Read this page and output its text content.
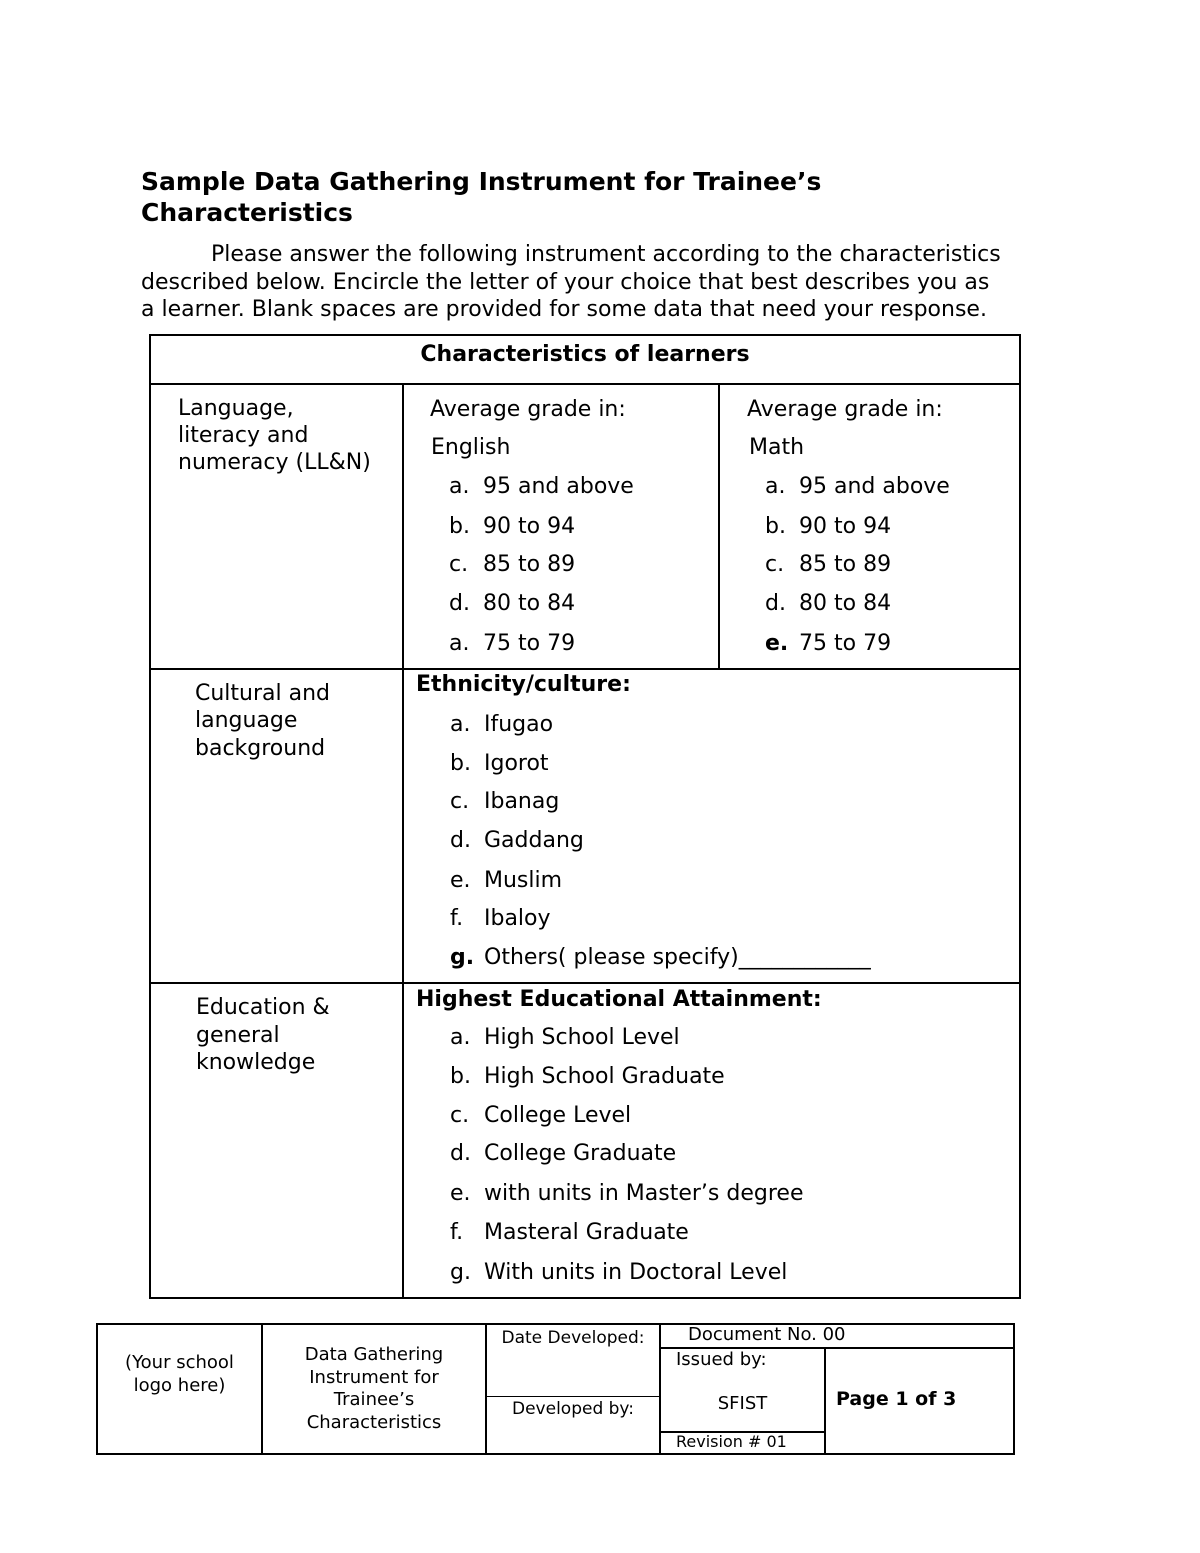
Sample Data Gathering Instrument for Trainee’s
Characteristics

Please answer the following instrument according to the characteristics
described below. Encircle the letter of your choice that best describes you as
a learner. Blank spaces are provided for some data that need your response.

Characteristics of learners
Language,
literacy and
numeracy (LL&N)
Average grade in:
English
a. 95 and above
b. 90 to 94
c. 85 to 89
d. 80 to 84
a. 75 to 79
Average grade in:
Math
a. 95 and above
b. 90 to 94
c. 85 to 89
d. 80 to 84
e. 75 to 79
Cultural and
language
background
Ethnicity/culture:
a. Ifugao
b. Igorot
c. Ibanag
d. Gaddang
e. Muslim
f. Ibaloy
g. Others( please specify)____________
Education &
general
knowledge
Highest Educational Attainment:
a. High School Level
b. High School Graduate
c. College Level
d. College Graduate
e. with units in Master’s degree
f. Masteral Graduate
g. With units in Doctoral Level
(Your school
logo here)
Data Gathering
Instrument for
Trainee’s
Characteristics
Date Developed:
Developed by:
Document No. 00
Issued by:
SFIST
Revision # 01
Page 1 of 3
